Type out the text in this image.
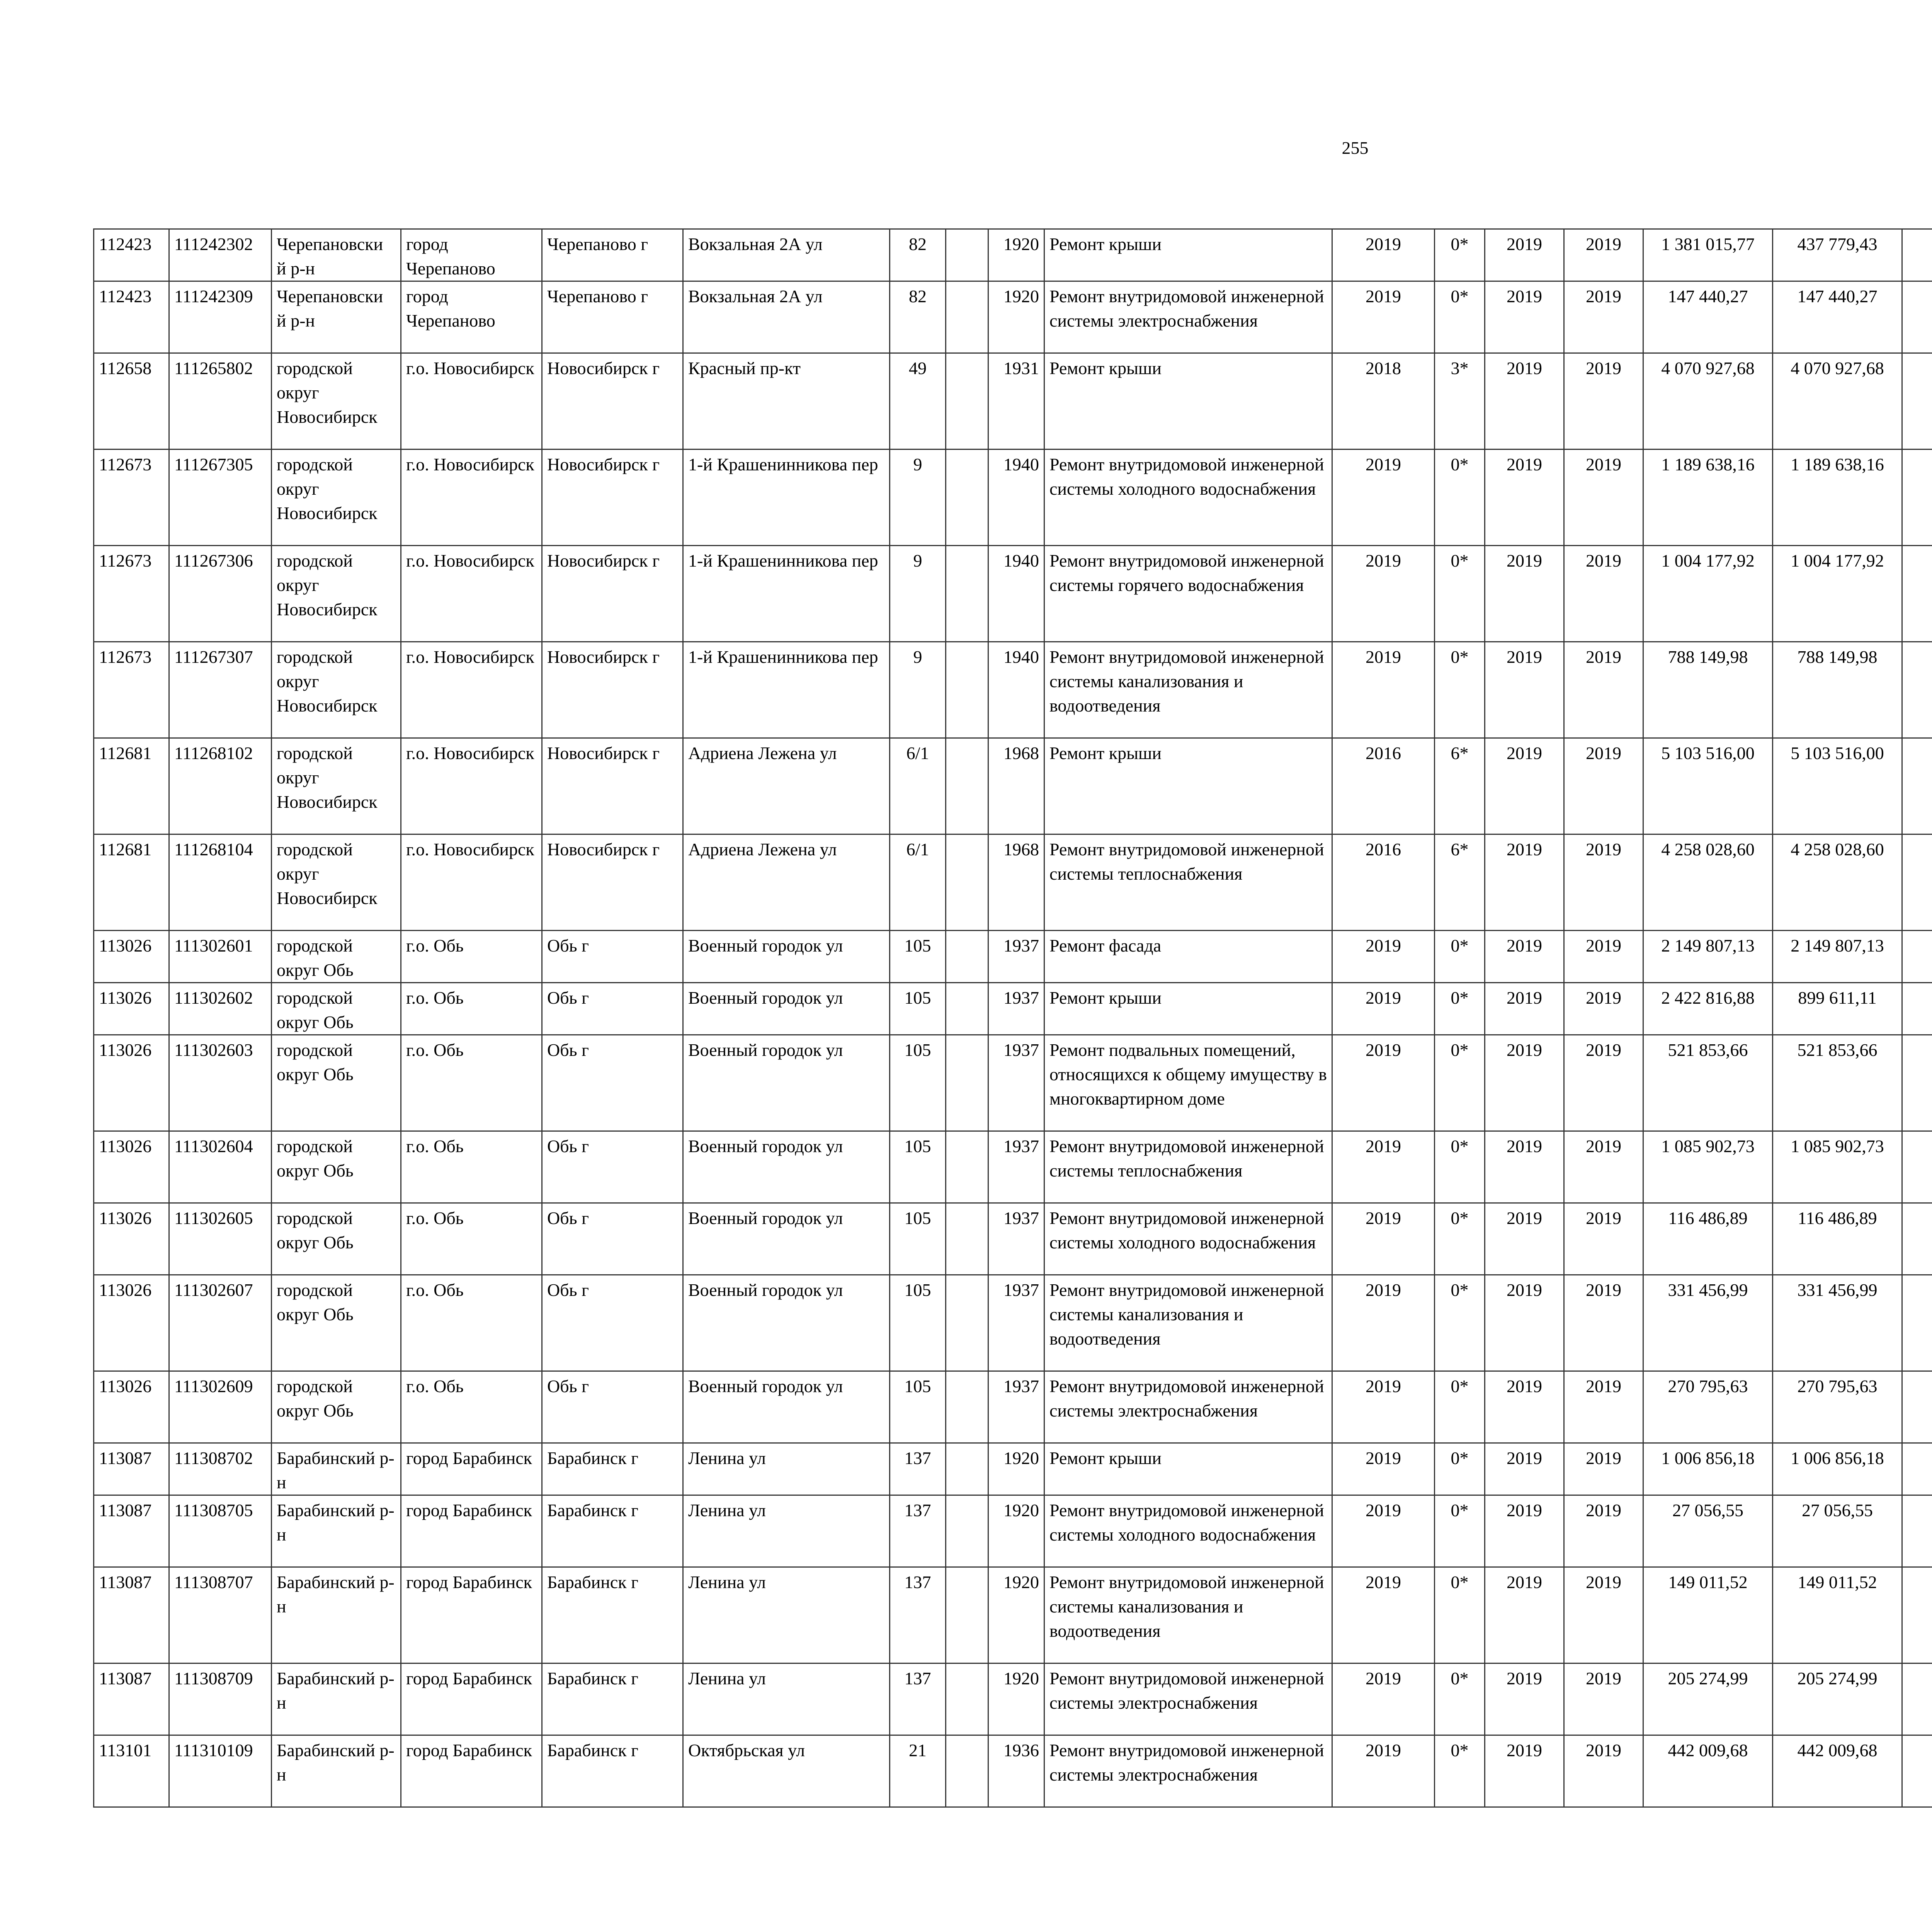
255
112423	111242302	Черепановски й р-н	город Черепаново	Черепаново г	Вокзальная 2А ул	82		1920	Ремонт крыши	2019	0*	2019	2019	1 381 015,77	437 779,43						
112423	111242309	Черепановски й р-н	город Черепаново	Черепаново г	Вокзальная 2А ул	82		1920	Ремонт внутридомовой инженерной системы электроснабжения	2019	0*	2019	2019	147 440,27	147 440,27						
112658	111265802	городской округ Новосибирск	г.о. Новосибирск	Новосибирск г	Красный пр-кт	49		1931	Ремонт крыши	2018	3*	2019	2019	4 070 927,68	4 070 927,68						
112673	111267305	городской округ Новосибирск	г.о. Новосибирск	Новосибирск г	1-й Крашенинникова пер	9		1940	Ремонт внутридомовой инженерной системы холодного водоснабжения	2019	0*	2019	2019	1 189 638,16	1 189 638,16						
112673	111267306	городской округ Новосибирск	г.о. Новосибирск	Новосибирск г	1-й Крашенинникова пер	9		1940	Ремонт внутридомовой инженерной системы горячего водоснабжения	2019	0*	2019	2019	1 004 177,92	1 004 177,92						
112673	111267307	городской округ Новосибирск	г.о. Новосибирск	Новосибирск г	1-й Крашенинникова пер	9		1940	Ремонт внутридомовой инженерной системы канализования и водоотведения	2019	0*	2019	2019	788 149,98	788 149,98						
112681	111268102	городской округ Новосибирск	г.о. Новосибирск	Новосибирск г	Адриена Лежена ул	6/1		1968	Ремонт крыши	2016	6*	2019	2019	5 103 516,00	5 103 516,00						
112681	111268104	городской округ Новосибирск	г.о. Новосибирск	Новосибирск г	Адриена Лежена ул	6/1		1968	Ремонт внутридомовой инженерной системы теплоснабжения	2016	6*	2019	2019	4 258 028,60	4 258 028,60						
113026	111302601	городской округ Обь	г.о. Обь	Обь г	Военный городок ул	105		1937	Ремонт фасада	2019	0*	2019	2019	2 149 807,13	2 149 807,13						
113026	111302602	городской округ Обь	г.о. Обь	Обь г	Военный городок ул	105		1937	Ремонт крыши	2019	0*	2019	2019	2 422 816,88	899 611,11						
113026	111302603	городской округ Обь	г.о. Обь	Обь г	Военный городок ул	105		1937	Ремонт подвальных помещений, относящихся к общему имуществу в многоквартирном доме	2019	0*	2019	2019	521 853,66	521 853,66						
113026	111302604	городской округ Обь	г.о. Обь	Обь г	Военный городок ул	105		1937	Ремонт внутридомовой инженерной системы теплоснабжения	2019	0*	2019	2019	1 085 902,73	1 085 902,73						
113026	111302605	городской округ Обь	г.о. Обь	Обь г	Военный городок ул	105		1937	Ремонт внутридомовой инженерной системы холодного водоснабжения	2019	0*	2019	2019	116 486,89	116 486,89						
113026	111302607	городской округ Обь	г.о. Обь	Обь г	Военный городок ул	105		1937	Ремонт внутридомовой инженерной системы канализования и водоотведения	2019	0*	2019	2019	331 456,99	331 456,99						
113026	111302609	городской округ Обь	г.о. Обь	Обь г	Военный городок ул	105		1937	Ремонт внутридомовой инженерной системы электроснабжения	2019	0*	2019	2019	270 795,63	270 795,63						
113087	111308702	Барабинский р-н	город Барабинск	Барабинск г	Ленина ул	137		1920	Ремонт крыши	2019	0*	2019	2019	1 006 856,18	1 006 856,18						
113087	111308705	Барабинский р-н	город Барабинск	Барабинск г	Ленина ул	137		1920	Ремонт внутридомовой инженерной системы холодного водоснабжения	2019	0*	2019	2019	27 056,55	27 056,55						
113087	111308707	Барабинский р-н	город Барабинск	Барабинск г	Ленина ул	137		1920	Ремонт внутридомовой инженерной системы канализования и водоотведения	2019	0*	2019	2019	149 011,52	149 011,52						
113087	111308709	Барабинский р-н	город Барабинск	Барабинск г	Ленина ул	137		1920	Ремонт внутридомовой инженерной системы электроснабжения	2019	0*	2019	2019	205 274,99	205 274,99						
113101	111310109	Барабинский р-н	город Барабинск	Барабинск г	Октябрьская ул	21		1936	Ремонт внутридомовой инженерной системы электроснабжения	2019	0*	2019	2019	442 009,68	442 009,68						
